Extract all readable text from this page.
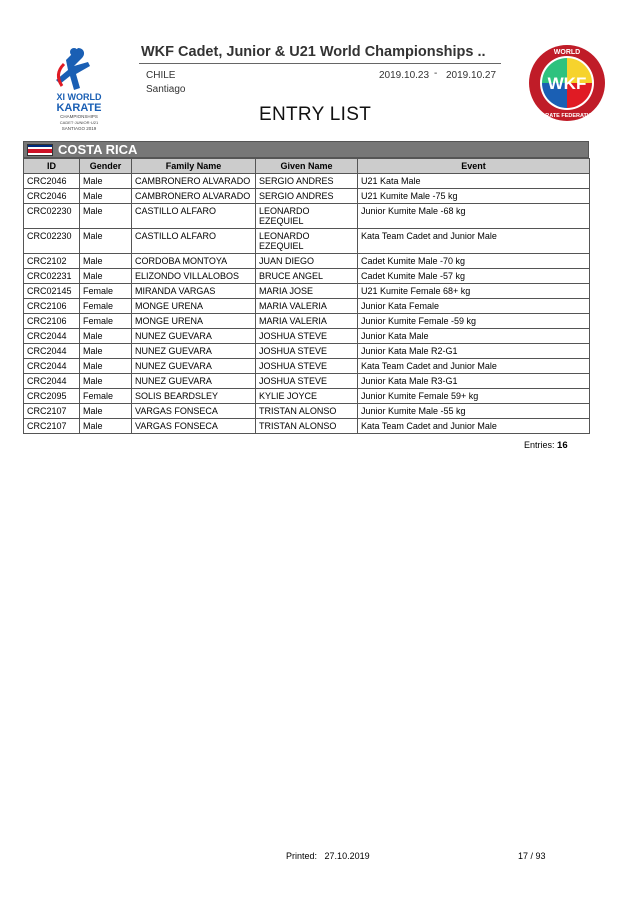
XI WORLD
KARATE
CHAMPIONSHIPS
CADET·JUNIOR·U21
SANTIAGO 2019
WKF
WORLD
KARATE FEDERATION
WKF Cadet, Junior & U21 World Championships ..
CHILE
Santiago
2019.10.23 - 2019.10.27
ENTRY LIST
COSTA RICA
ID	Gender	Family Name	Given Name	Event
CRC2046	Male	CAMBRONERO ALVARADO	SERGIO ANDRES	U21 Kata Male
CRC2046	Male	CAMBRONERO ALVARADO	SERGIO ANDRES	U21 Kumite Male -75 kg
CRC02230	Male	CASTILLO ALFARO	LEONARDO EZEQUIEL	Junior Kumite Male -68 kg
CRC02230	Male	CASTILLO ALFARO	LEONARDO EZEQUIEL	Kata Team Cadet and Junior Male
CRC2102	Male	CORDOBA MONTOYA	JUAN DIEGO	Cadet Kumite Male -70 kg
CRC02231	Male	ELIZONDO VILLALOBOS	BRUCE ANGEL	Cadet Kumite Male -57 kg
CRC02145	Female	MIRANDA VARGAS	MARIA JOSE	U21 Kumite Female 68+ kg
CRC2106	Female	MONGE URENA	MARIA VALERIA	Junior Kata Female
CRC2106	Female	MONGE URENA	MARIA VALERIA	Junior Kumite Female -59 kg
CRC2044	Male	NUNEZ GUEVARA	JOSHUA STEVE	Junior Kata Male
CRC2044	Male	NUNEZ GUEVARA	JOSHUA STEVE	Junior Kata Male R2-G1
CRC2044	Male	NUNEZ GUEVARA	JOSHUA STEVE	Kata Team Cadet and Junior Male
CRC2044	Male	NUNEZ GUEVARA	JOSHUA STEVE	Junior Kata Male R3-G1
CRC2095	Female	SOLIS BEARDSLEY	KYLIE JOYCE	Junior Kumite Female 59+ kg
CRC2107	Male	VARGAS FONSECA	TRISTAN ALONSO	Junior Kumite Male -55 kg
CRC2107	Male	VARGAS FONSECA	TRISTAN ALONSO	Kata Team Cadet and Junior Male
Entries: 16
Printed: 27.10.2019	17 / 93
